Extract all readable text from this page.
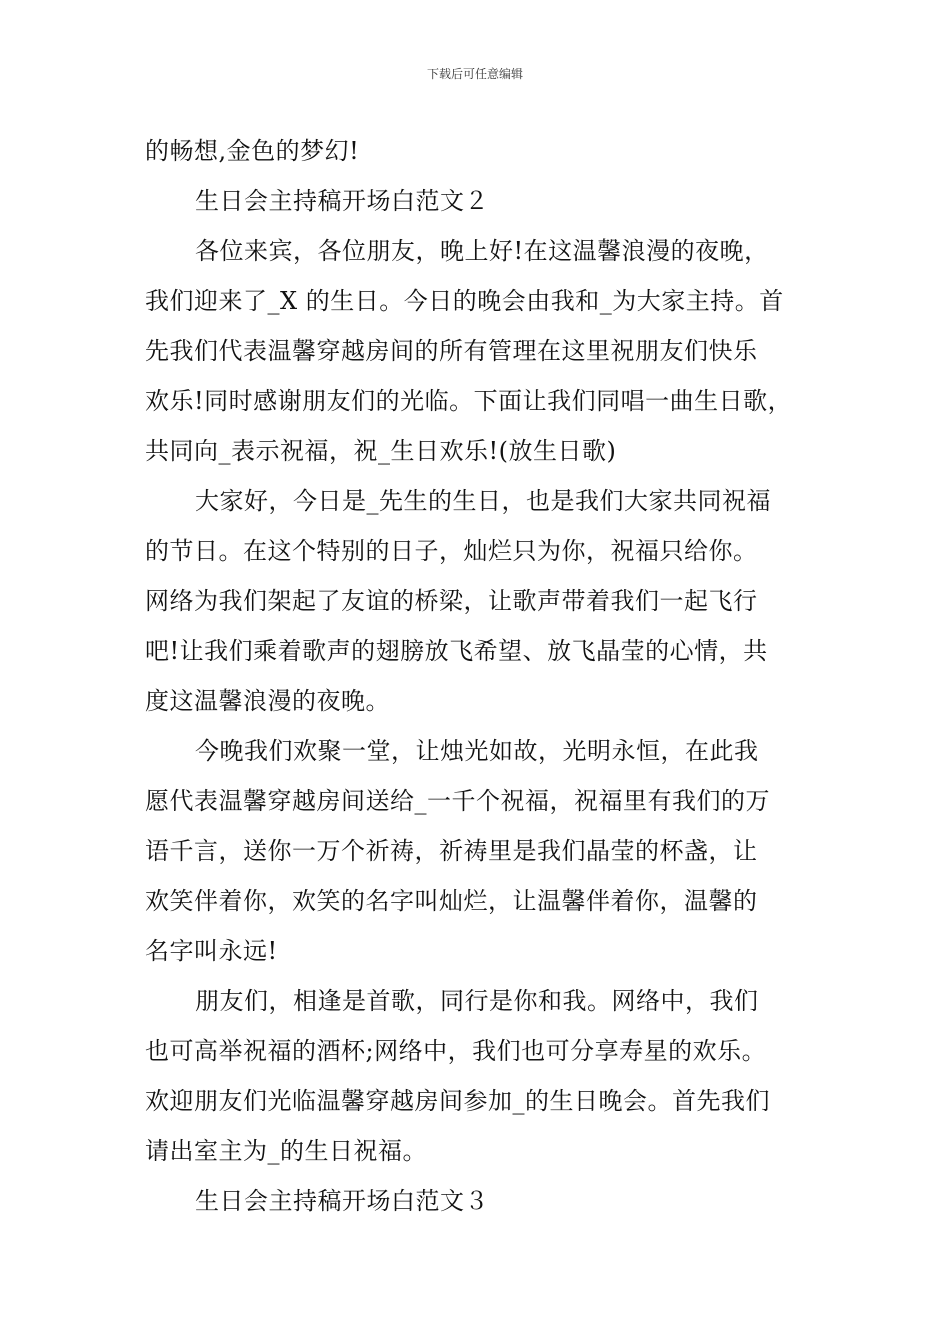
下载后可任意编辑
的畅想,金色的梦幻!
生日会主持稿开场白范文２
各位来宾，各位朋友，晚上好!在这温馨浪漫的夜晚，
我们迎来了_X 的生日。今日的晚会由我和_为大家主持。首
先我们代表温馨穿越房间的所有管理在这里祝朋友们快乐
欢乐!同时感谢朋友们的光临。下面让我们同唱一曲生日歌，
共同向_表示祝福，祝_生日欢乐!(放生日歌)
大家好，今日是_先生的生日，也是我们大家共同祝福
的节日。在这个特别的日子，灿烂只为你，祝福只给你。
网络为我们架起了友谊的桥梁，让歌声带着我们一起飞行
吧!让我们乘着歌声的翅膀放飞希望、放飞晶莹的心情，共
度这温馨浪漫的夜晚。
今晚我们欢聚一堂，让烛光如故，光明永恒，在此我
愿代表温馨穿越房间送给_一千个祝福，祝福里有我们的万
语千言，送你一万个祈祷，祈祷里是我们晶莹的杯盏，让
欢笑伴着你，欢笑的名字叫灿烂，让温馨伴着你，温馨的
名字叫永远!
朋友们，相逢是首歌，同行是你和我。网络中，我们
也可高举祝福的酒杯;网络中，我们也可分享寿星的欢乐。
欢迎朋友们光临温馨穿越房间参加_的生日晚会。首先我们
请出室主为_的生日祝福。
生日会主持稿开场白范文３
